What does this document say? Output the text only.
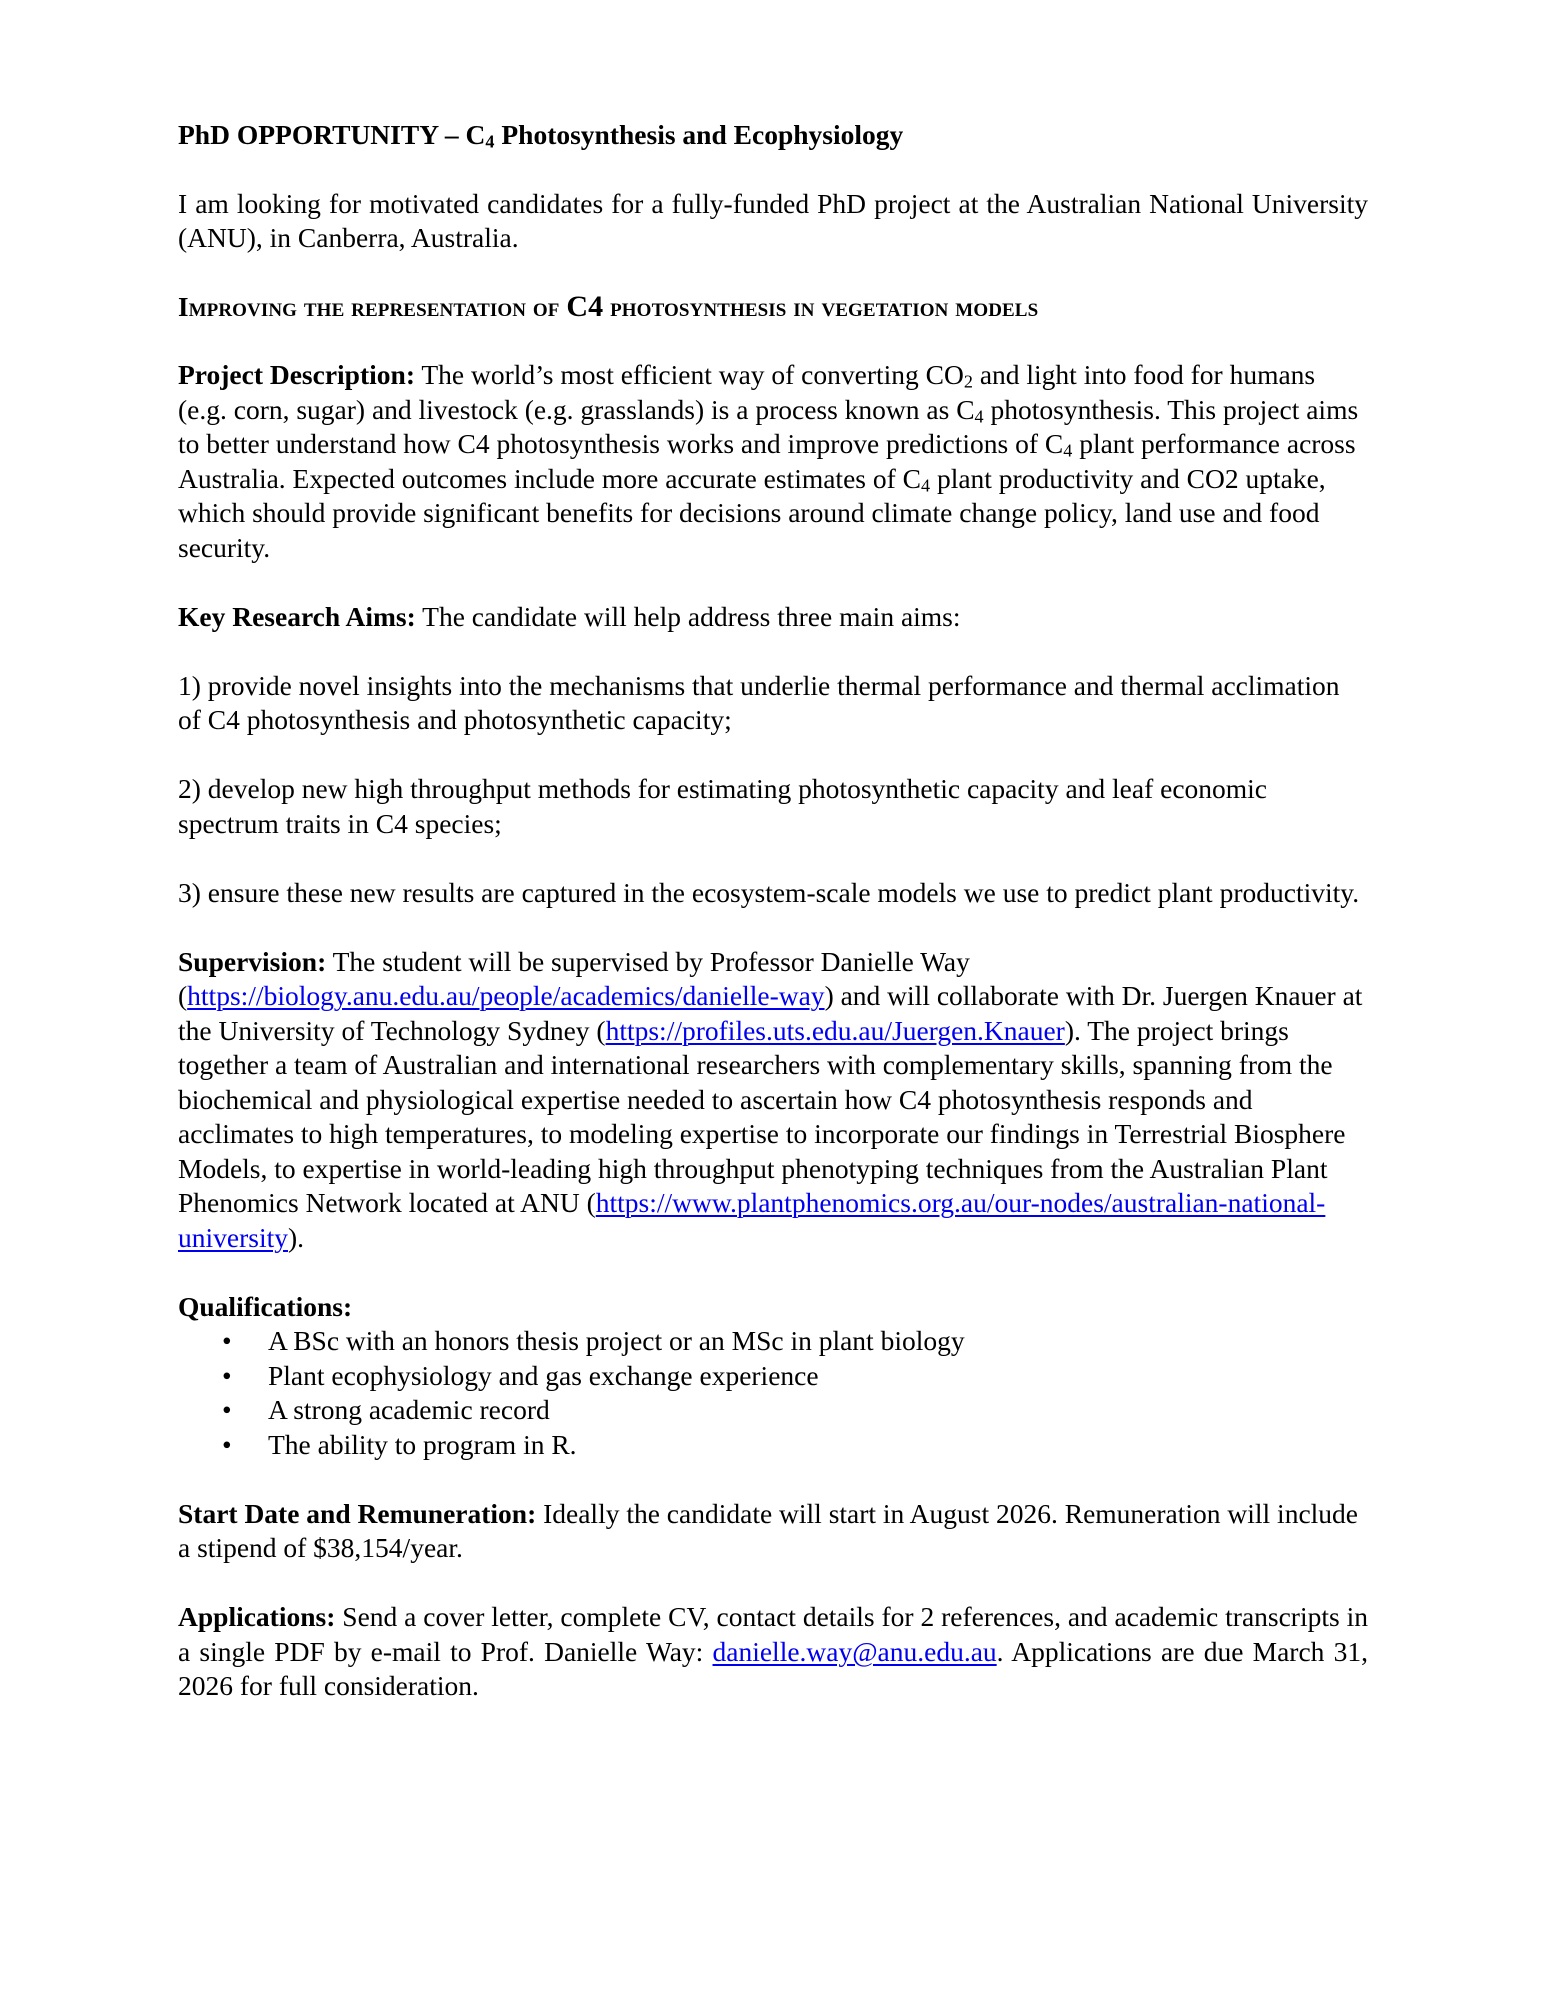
PhD OPPORTUNITY – C4 Photosynthesis and Ecophysiology

I am looking for motivated candidates for a fully-funded PhD project at the Australian National University (ANU), in Canberra, Australia.

Improving the representation of C4 photosynthesis in vegetation models

Project Description: The world’s most efficient way of converting CO2 and light into food for humans (e.g. corn, sugar) and livestock (e.g. grasslands) is a process known as C4 photosynthesis. This project aims to better understand how C4 photosynthesis works and improve predictions of C4 plant performance across Australia. Expected outcomes include more accurate estimates of C4 plant productivity and CO2 uptake, which should provide significant benefits for decisions around climate change policy, land use and food security.

Key Research Aims: The candidate will help address three main aims:

1) provide novel insights into the mechanisms that underlie thermal performance and thermal acclimation of C4 photosynthesis and photosynthetic capacity;

2) develop new high throughput methods for estimating photosynthetic capacity and leaf economic spectrum traits in C4 species;

3) ensure these new results are captured in the ecosystem-scale models we use to predict plant productivity.

Supervision: The student will be supervised by Professor Danielle Way (https://biology.anu.edu.au/people/academics/danielle-way) and will collaborate with Dr. Juergen Knauer at the University of Technology Sydney (https://profiles.uts.edu.au/Juergen.Knauer). The project brings together a team of Australian and international researchers with complementary skills, spanning from the biochemical and physiological expertise needed to ascertain how C4 photosynthesis responds and acclimates to high temperatures, to modeling expertise to incorporate our findings in Terrestrial Biosphere Models, to expertise in world-leading high throughput phenotyping techniques from the Australian Plant Phenomics Network located at ANU (https://www.plantphenomics.org.au/our-nodes/australian-national-university).

Qualifications:

• A BSc with an honors thesis project or an MSc in plant biology
• Plant ecophysiology and gas exchange experience
• A strong academic record
• The ability to program in R.

Start Date and Remuneration: Ideally the candidate will start in August 2026. Remuneration will include a stipend of $38,154/year.

Applications: Send a cover letter, complete CV, contact details for 2 references, and academic transcripts in a single PDF by e-mail to Prof. Danielle Way: danielle.way@anu.edu.au. Applications are due March 31, 2026 for full consideration.
